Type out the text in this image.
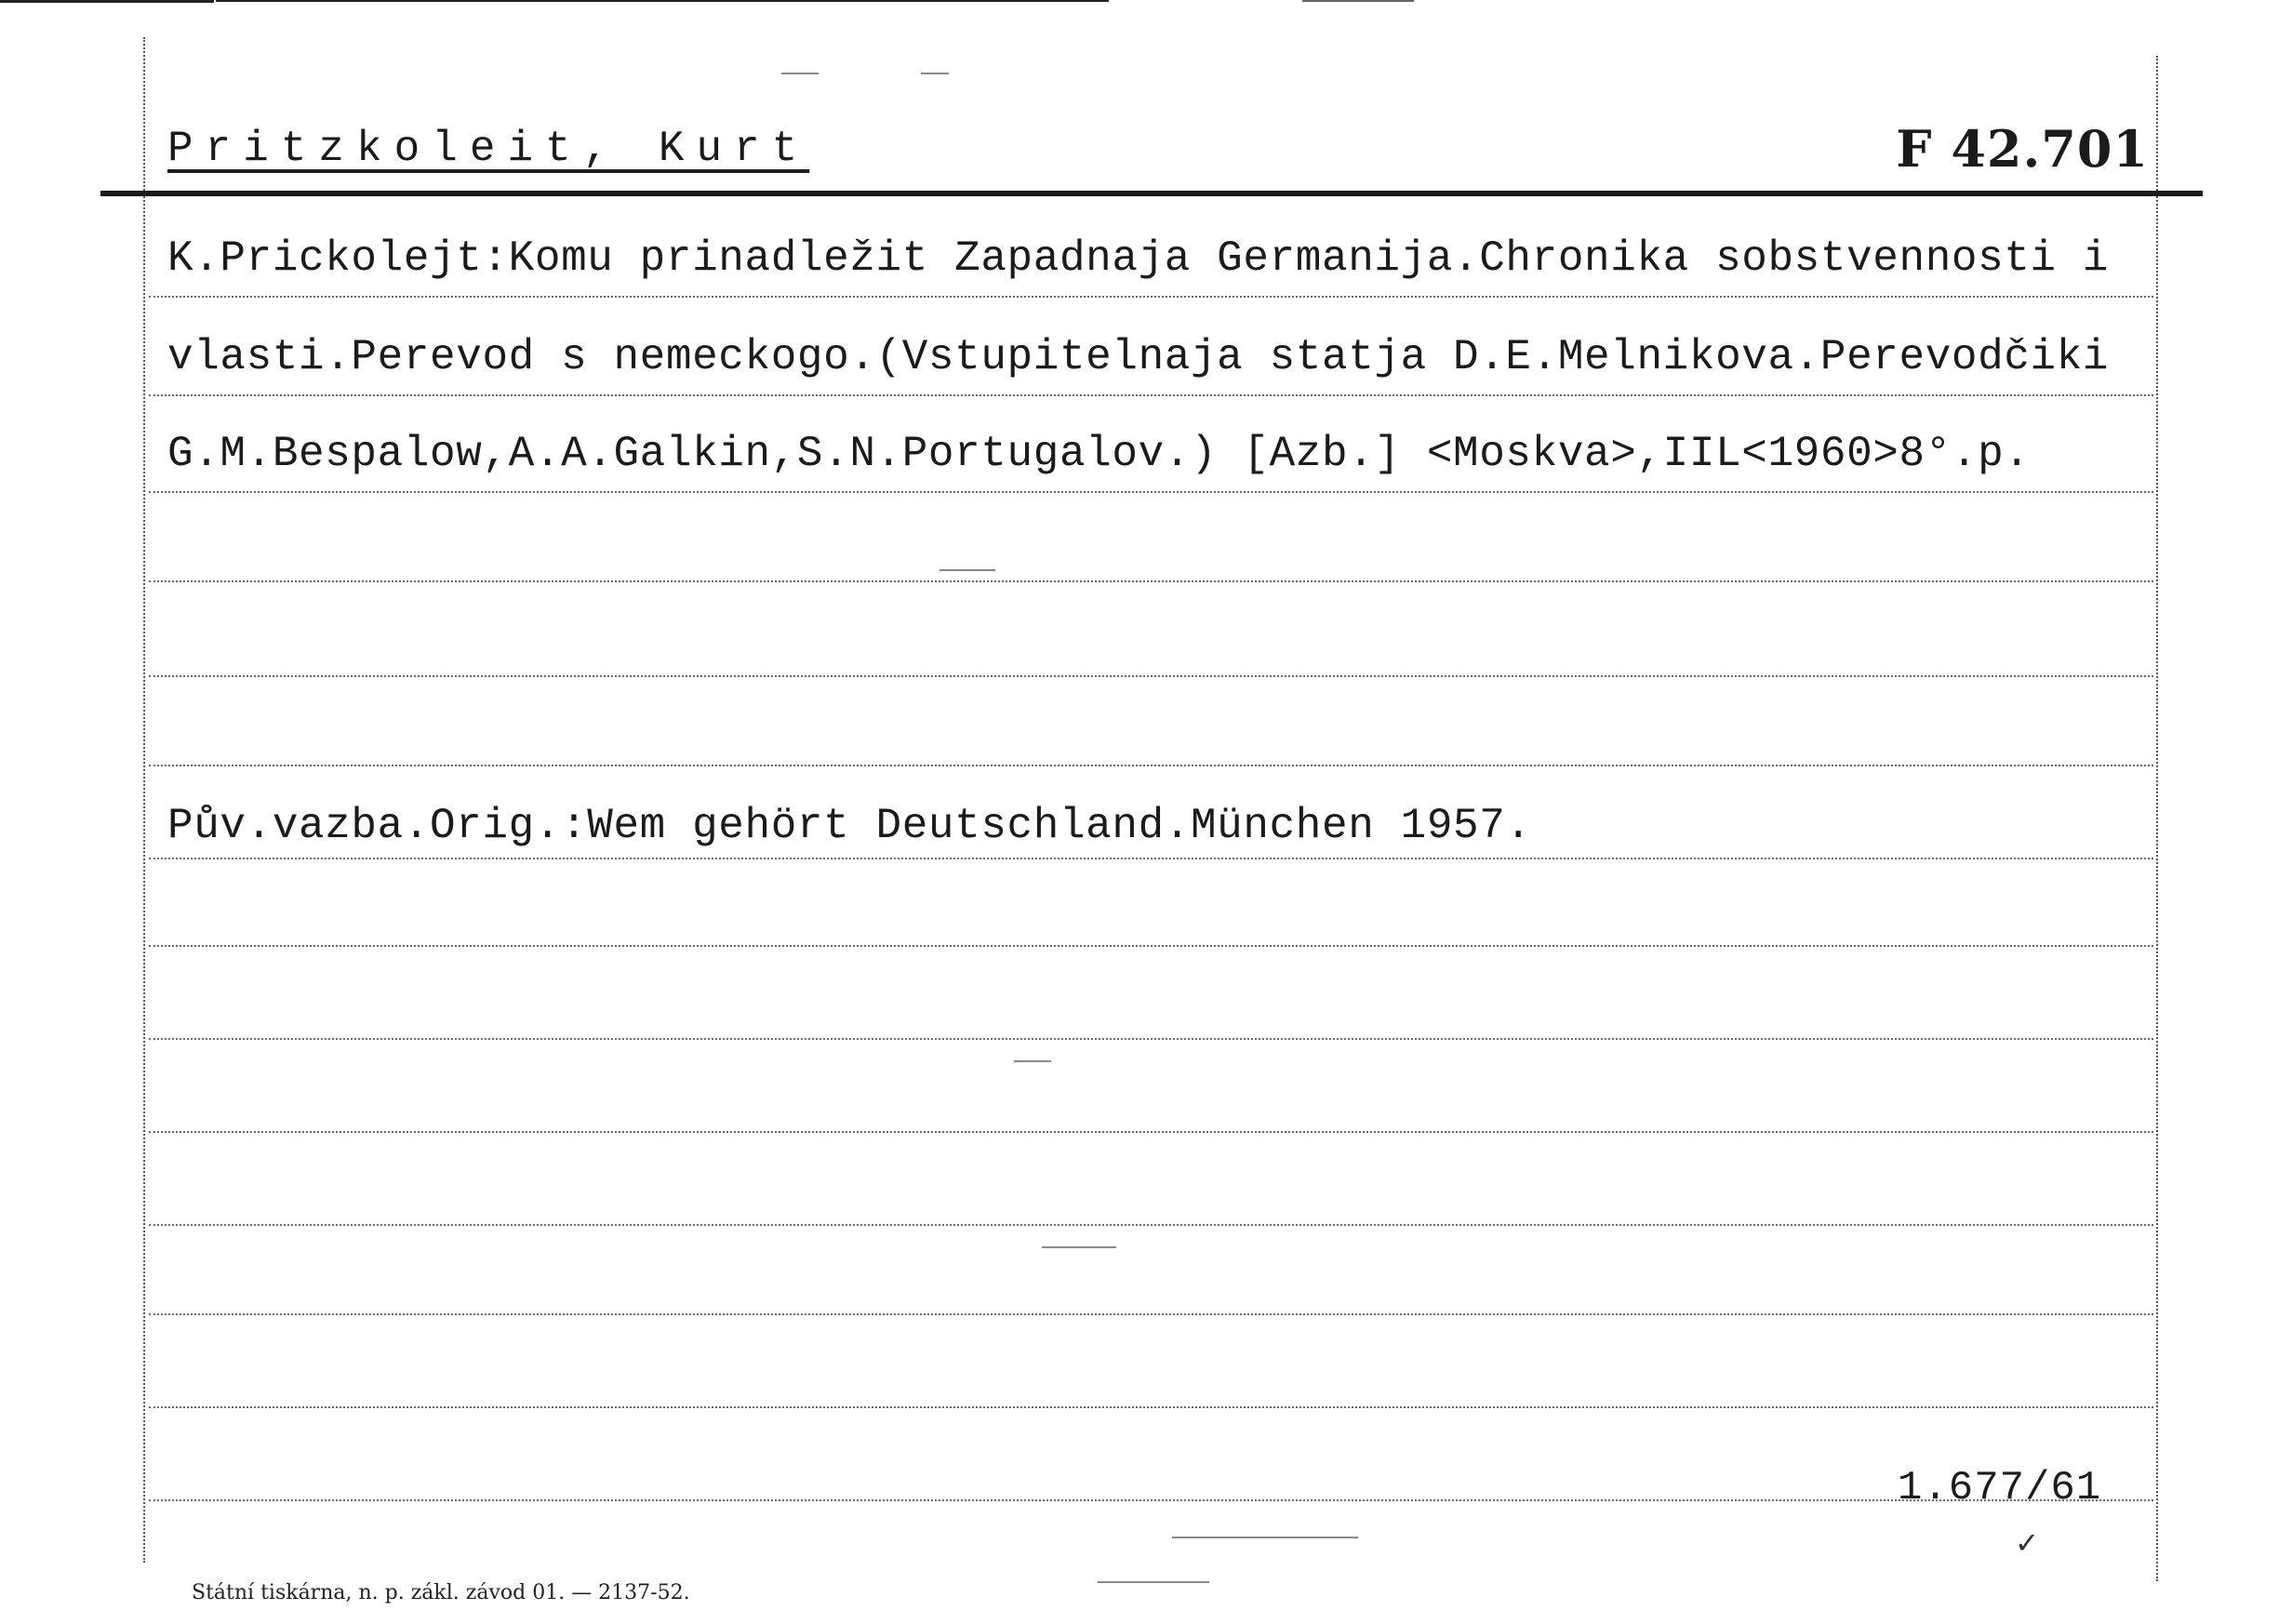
Pritzkoleit, Kurt	F 42.701
K.Prickolejt:Komu prinadležit Zapadnaja Germanija.Chronika sobstvennosti i
vlasti.Perevod s nemeckogo.(Vstupitelnaja statja D.E.Melnikova.Perevodčiki
G.M.Bespalow,A.A.Galkin,S.N.Portugalov.) [Azb.] <Moskva>,IIL<1960>8°.p.
Pův.vazba.Orig.:Wem gehört Deutschland.München 1957.
1.677/61
✓
Státní tiskárna, n. p. zákl. závod 01. — 2137-52.
